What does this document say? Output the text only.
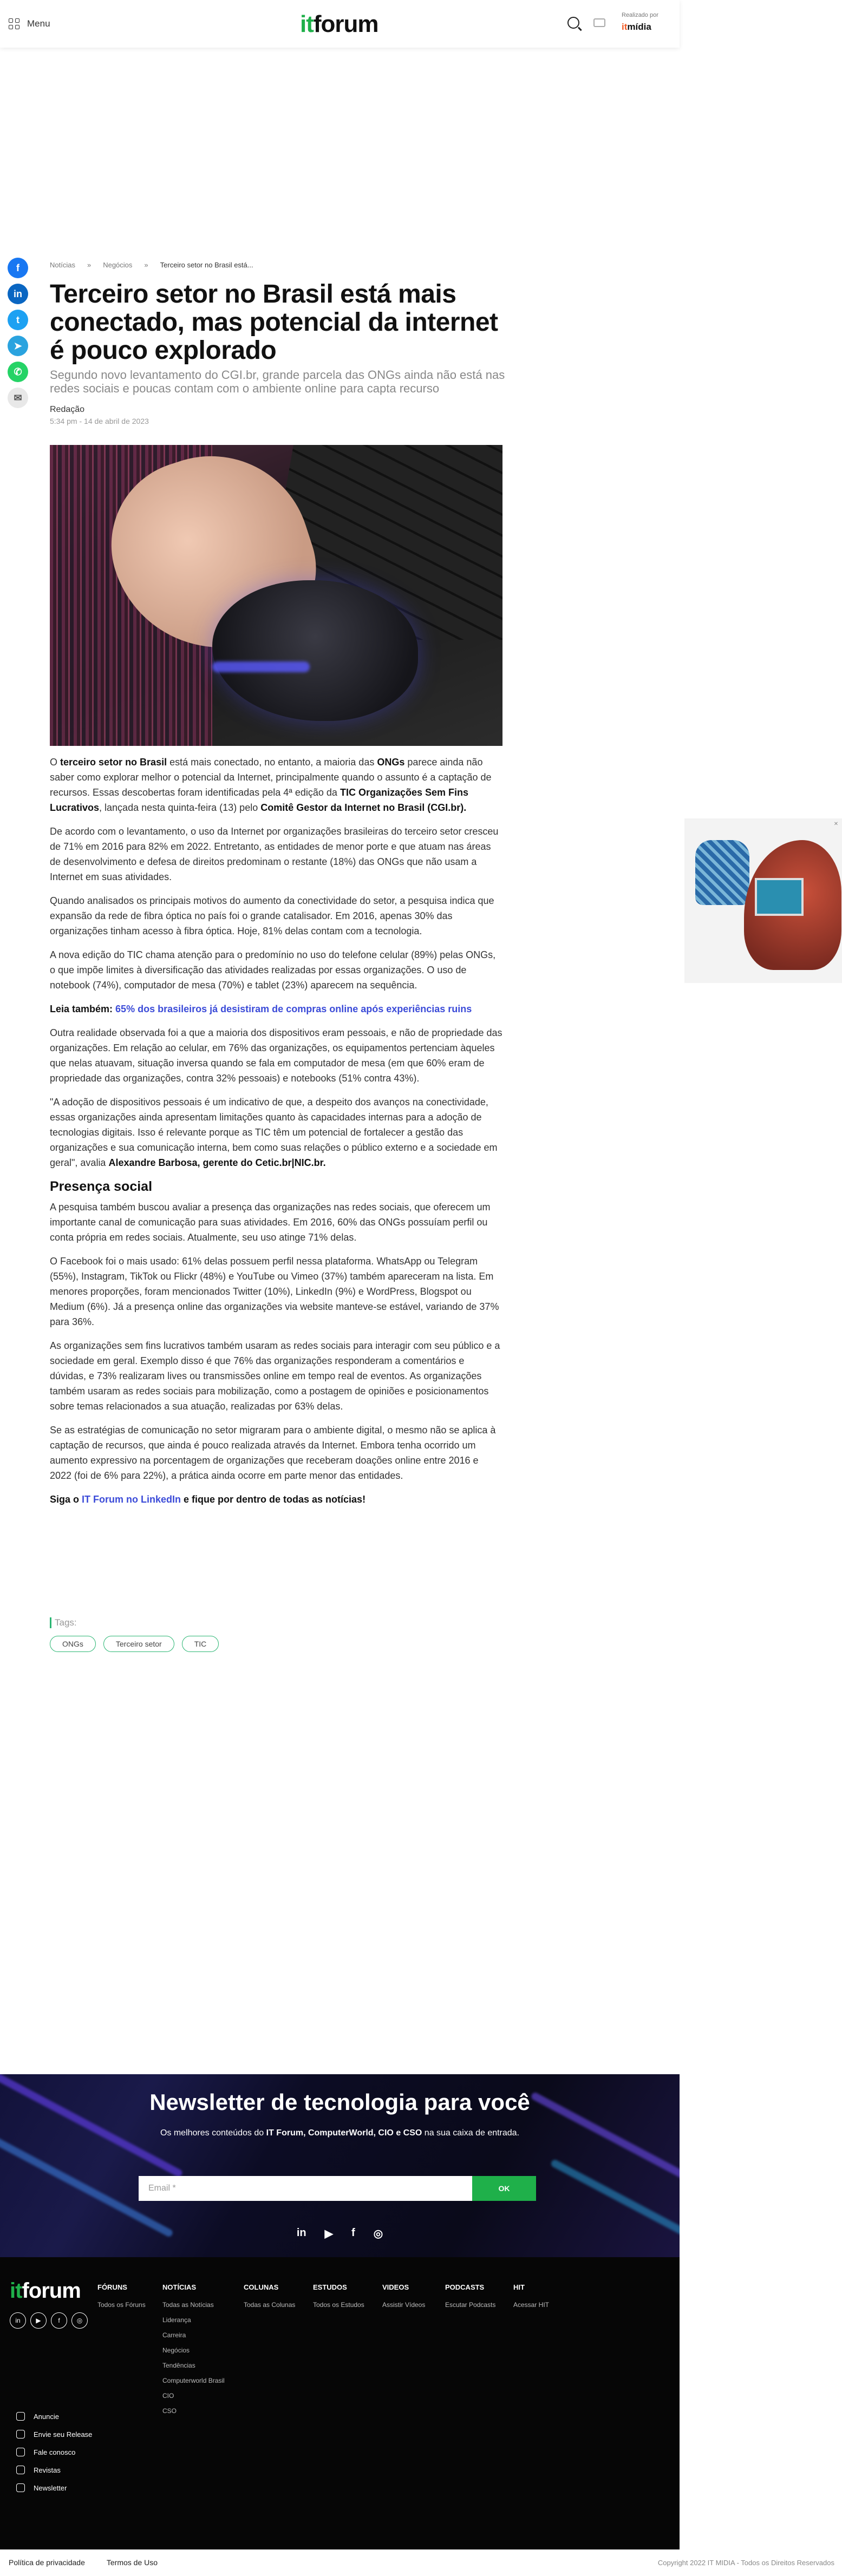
Menu	itforum	Realizado por
itmídia
f
in
t
➤
✆
✉
Notícias » Negócios » Terceiro setor no Brasil está...
Terceiro setor no Brasil está mais conectado, mas potencial da internet é pouco explorado
Segundo novo levantamento do CGI.br, grande parcela das ONGs ainda não está nas redes sociais e poucas contam com o ambiente online para capta recurso
Redação
5:34 pm - 14 de abril de 2023

O terceiro setor no Brasil está mais conectado, no entanto, a maioria das ONGs parece ainda não saber como explorar melhor o potencial da Internet, principalmente quando o assunto é a captação de recursos. Essas descobertas foram identificadas pela 4ª edição da TIC Organizações Sem Fins Lucrativos, lançada nesta quinta-feira (13) pelo Comitê Gestor da Internet no Brasil (CGI.br).

De acordo com o levantamento, o uso da Internet por organizações brasileiras do terceiro setor cresceu de 71% em 2016 para 82% em 2022. Entretanto, as entidades de menor porte e que atuam nas áreas de desenvolvimento e defesa de direitos predominam o restante (18%) das ONGs que não usam a Internet em suas atividades.

Quando analisados os principais motivos do aumento da conectividade do setor, a pesquisa indica que expansão da rede de fibra óptica no país foi o grande catalisador. Em 2016, apenas 30% das organizações tinham acesso à fibra óptica. Hoje, 81% delas contam com a tecnologia.

A nova edição do TIC chama atenção para o predomínio no uso do telefone celular (89%) pelas ONGs, o que impõe limites à diversificação das atividades realizadas por essas organizações. O uso de notebook (74%), computador de mesa (70%) e tablet (23%) aparecem na sequência.

Leia também: 65% dos brasileiros já desistiram de compras online após experiências ruins

Outra realidade observada foi a que a maioria dos dispositivos eram pessoais, e não de propriedade das organizações. Em relação ao celular, em 76% das organizações, os equipamentos pertenciam àqueles que nelas atuavam, situação inversa quando se fala em computador de mesa (em que 60% eram de propriedade das organizações, contra 32% pessoais) e notebooks (51% contra 43%).

"A adoção de dispositivos pessoais é um indicativo de que, a despeito dos avanços na conectividade, essas organizações ainda apresentam limitações quanto às capacidades internas para a adoção de tecnologias digitais. Isso é relevante porque as TIC têm um potencial de fortalecer a gestão das organizações e sua comunicação interna, bem como suas relações o público externo e a sociedade em geral", avalia Alexandre Barbosa, gerente do Cetic.br|NIC.br.

Presença social

A pesquisa também buscou avaliar a presença das organizações nas redes sociais, que oferecem um importante canal de comunicação para suas atividades. Em 2016, 60% das ONGs possuíam perfil ou conta própria em redes sociais. Atualmente, seu uso atinge 71% delas.

O Facebook foi o mais usado: 61% delas possuem perfil nessa plataforma. WhatsApp ou Telegram (55%), Instagram, TikTok ou Flickr (48%) e YouTube ou Vimeo (37%) também apareceram na lista. Em menores proporções, foram mencionados Twitter (10%), LinkedIn (9%) e WordPress, Blogspot ou Medium (6%). Já a presença online das organizações via website manteve-se estável, variando de 37% para 36%.

As organizações sem fins lucrativos também usaram as redes sociais para interagir com seu público e a sociedade em geral. Exemplo disso é que 76% das organizações responderam a comentários e dúvidas, e 73% realizaram lives ou transmissões online em tempo real de eventos. As organizações também usaram as redes sociais para mobilização, como a postagem de opiniões e posicionamentos sobre temas relacionados a sua atuação, realizadas por 63% delas.

Se as estratégias de comunicação no setor migraram para o ambiente digital, o mesmo não se aplica à captação de recursos, que ainda é pouco realizada através da Internet. Embora tenha ocorrido um aumento expressivo na porcentagem de organizações que receberam doações online entre 2016 e 2022 (foi de 6% para 22%), a prática ainda ocorre em parte menor das entidades.

Siga o IT Forum no LinkedIn e fique por dentro de todas as notícias!

Tags:
ONGs	Terceiro setor	TIC
✕
Newsletter de tecnologia para você
Os melhores conteúdos do IT Forum, ComputerWorld, CIO e CSO na sua caixa de entrada.
Email *
OK
in ▶ f ◎
itforum
in	▶	f	◎
FÓRUNS
Todos os Fóruns
NOTÍCIAS
Todas as Notícias
Liderança
Carreira
Negócios
Tendências
Computerworld Brasil
CIO
CSO
COLUNAS
Todas as Colunas
ESTUDOS
Todos os Estudos
VIDEOS
Assistir Vídeos
PODCASTS
Escutar Podcasts
HIT
Acessar HIT
Anuncie
Envie seu Release
Fale conosco
Revistas
Newsletter
Política de privacidade	Termos de Uso	Copyright 2022 IT MIDIA - Todos os Direitos Reservados
